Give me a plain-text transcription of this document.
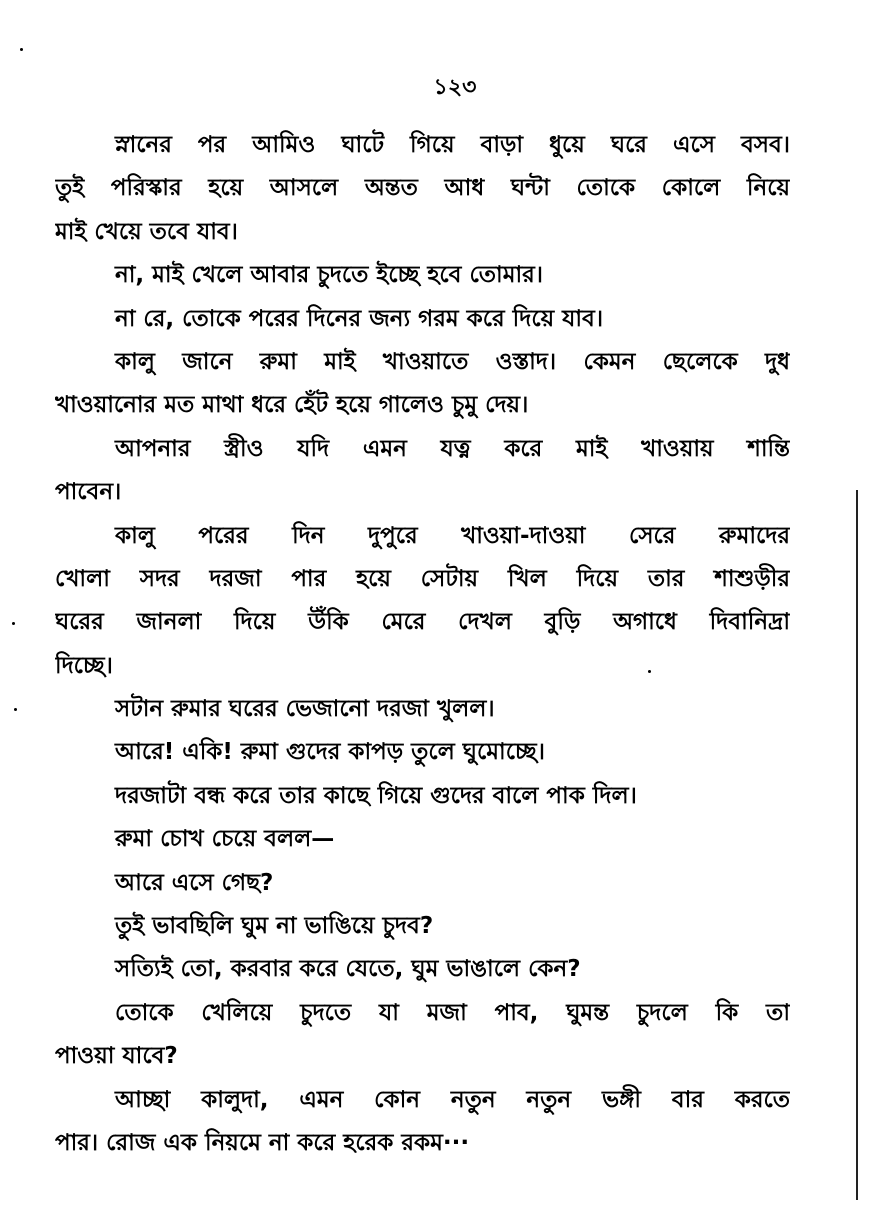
১২৩
স্নানের পর আমিও ঘাটে গিয়ে বাড়া ধুয়ে ঘরে এসে বসব।
তুই পরিস্কার হয়ে আসলে অন্তত আধ ঘন্টা তোকে কোলে নিয়ে
মাই খেয়ে তবে যাব।
না, মাই খেলে আবার চুদতে ইচ্ছে হবে তোমার।
না রে, তোকে পরের দিনের জন্য গরম করে দিয়ে যাব।
কালু জানে রুমা মাই খাওয়াতে ওস্তাদ। কেমন ছেলেকে দুধ
খাওয়ানোর মত মাথা ধরে হেঁট হয়ে গালেও চুমু দেয়।
আপনার স্ত্রীও যদি এমন যত্ন করে মাই খাওয়ায় শান্তি
পাবেন।
কালু পরের দিন দুপুরে খাওয়া-দাওয়া সেরে রুমাদের
খোলা সদর দরজা পার হয়ে সেটায় খিল দিয়ে তার শাশুড়ীর
ঘরের জানলা দিয়ে উঁকি মেরে দেখল বুড়ি অগাধে দিবানিদ্রা
দিচ্ছে।
সটান রুমার ঘরের ভেজানো দরজা খুলল।
আরে! একি! রুমা গুদের কাপড় তুলে ঘুমোচ্ছে।
দরজাটা বন্ধ করে তার কাছে গিয়ে গুদের বালে পাক দিল।
রুমা চোখ চেয়ে বলল—
আরে এসে গেছ?
তুই ভাবছিলি ঘুম না ভাঙিয়ে চুদব?
সত্যিই তো, করবার করে যেতে, ঘুম ভাঙালে কেন?
তোকে খেলিয়ে চুদতে যা মজা পাব, ঘুমন্ত চুদলে কি তা
পাওয়া যাবে?
আচ্ছা কালুদা, এমন কোন নতুন নতুন ভঙ্গী বার করতে
পার। রোজ এক নিয়মে না করে হরেক রকম···
